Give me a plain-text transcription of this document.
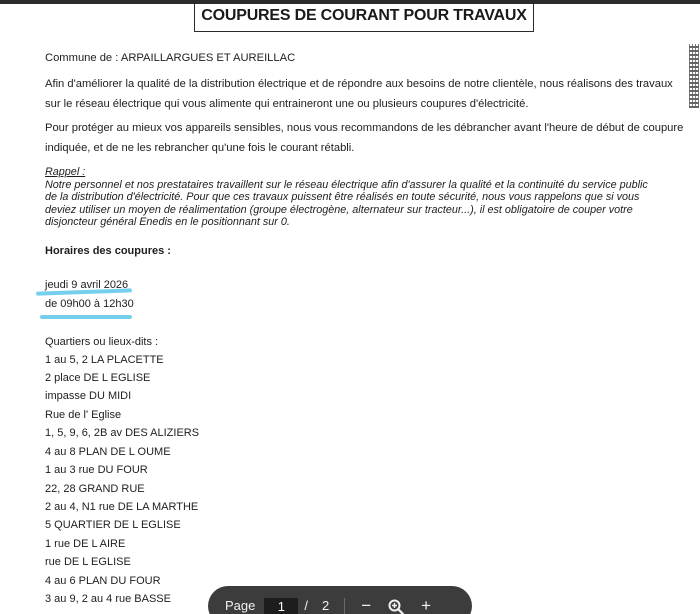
COUPURES DE COURANT POUR TRAVAUX
Commune de : ARPAILLARGUES ET AUREILLAC
Afin d'améliorer la qualité de la distribution électrique et de répondre aux besoins de notre clientèle, nous réalisons des travaux
sur le réseau électrique qui vous alimente qui entraineront une ou plusieurs coupures d'électricité.
Pour protéger au mieux vos appareils sensibles, nous vous recommandons de les débrancher avant l'heure de début de coupure
indiquée, et de ne les rebrancher qu'une fois le courant rétabli.
Rappel :
Notre personnel et nos prestataires travaillent sur le réseau électrique afin d'assurer la qualité et la continuité du service public
de la distribution d'électricité. Pour que ces travaux puissent être réalisés en toute sécurité, nous vous rappelons que si vous
deviez utiliser un moyen de réalimentation (groupe électrogène, alternateur sur tracteur...), il est obligatoire de couper votre
disjoncteur général Enedis en le positionnant sur 0.
Horaires des coupures :
jeudi 9 avril 2026
de 09h00 à 12h30
Quartiers ou lieux-dits :
1 au 5, 2 LA PLACETTE
2 place DE L EGLISE
impasse DU MIDI
Rue de l' Eglise
1, 5, 9, 6, 2B av DES ALIZIERS
4 au 8 PLAN DE L OUME
1 au 3 rue DU FOUR
22, 28 GRAND RUE
2 au 4, N1 rue DE LA MARTHE
5 QUARTIER DE L EGLISE
1 rue DE L AIRE
rue DE L EGLISE
4 au 6 PLAN DU FOUR
3 au 9, 2 au 4 rue BASSE	Page	1	/ 2 −	+
